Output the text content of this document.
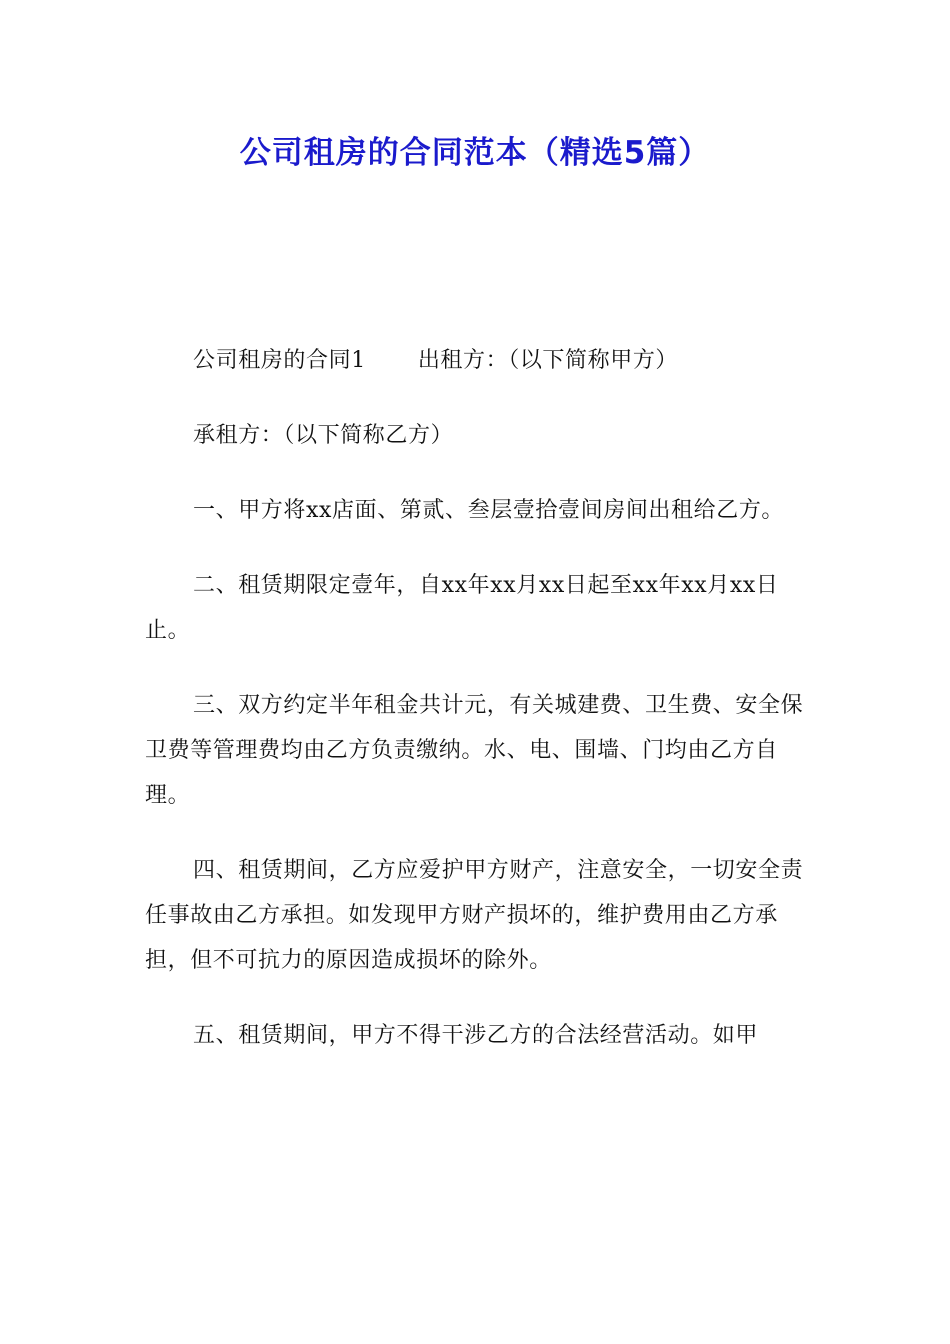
公司租房的合同范本（精选5篇）

公司租房的合同1 出租方：（以下简称甲方）

承租方：（以下简称乙方）

一、甲方将xx店面、第贰、叁层壹拾壹间房间出租给乙方。

二、租赁期限定壹年，自xx年xx月xx日起至xx年xx月xx日止。

三、双方约定半年租金共计元，有关城建费、卫生费、安全保卫费等管理费均由乙方负责缴纳。水、电、围墙、门均由乙方自理。

四、租赁期间，乙方应爱护甲方财产，注意安全，一切安全责任事故由乙方承担。如发现甲方财产损坏的，维护费用由乙方承担，但不可抗力的原因造成损坏的除外。

五、租赁期间，甲方不得干涉乙方的合法经营活动。如甲
